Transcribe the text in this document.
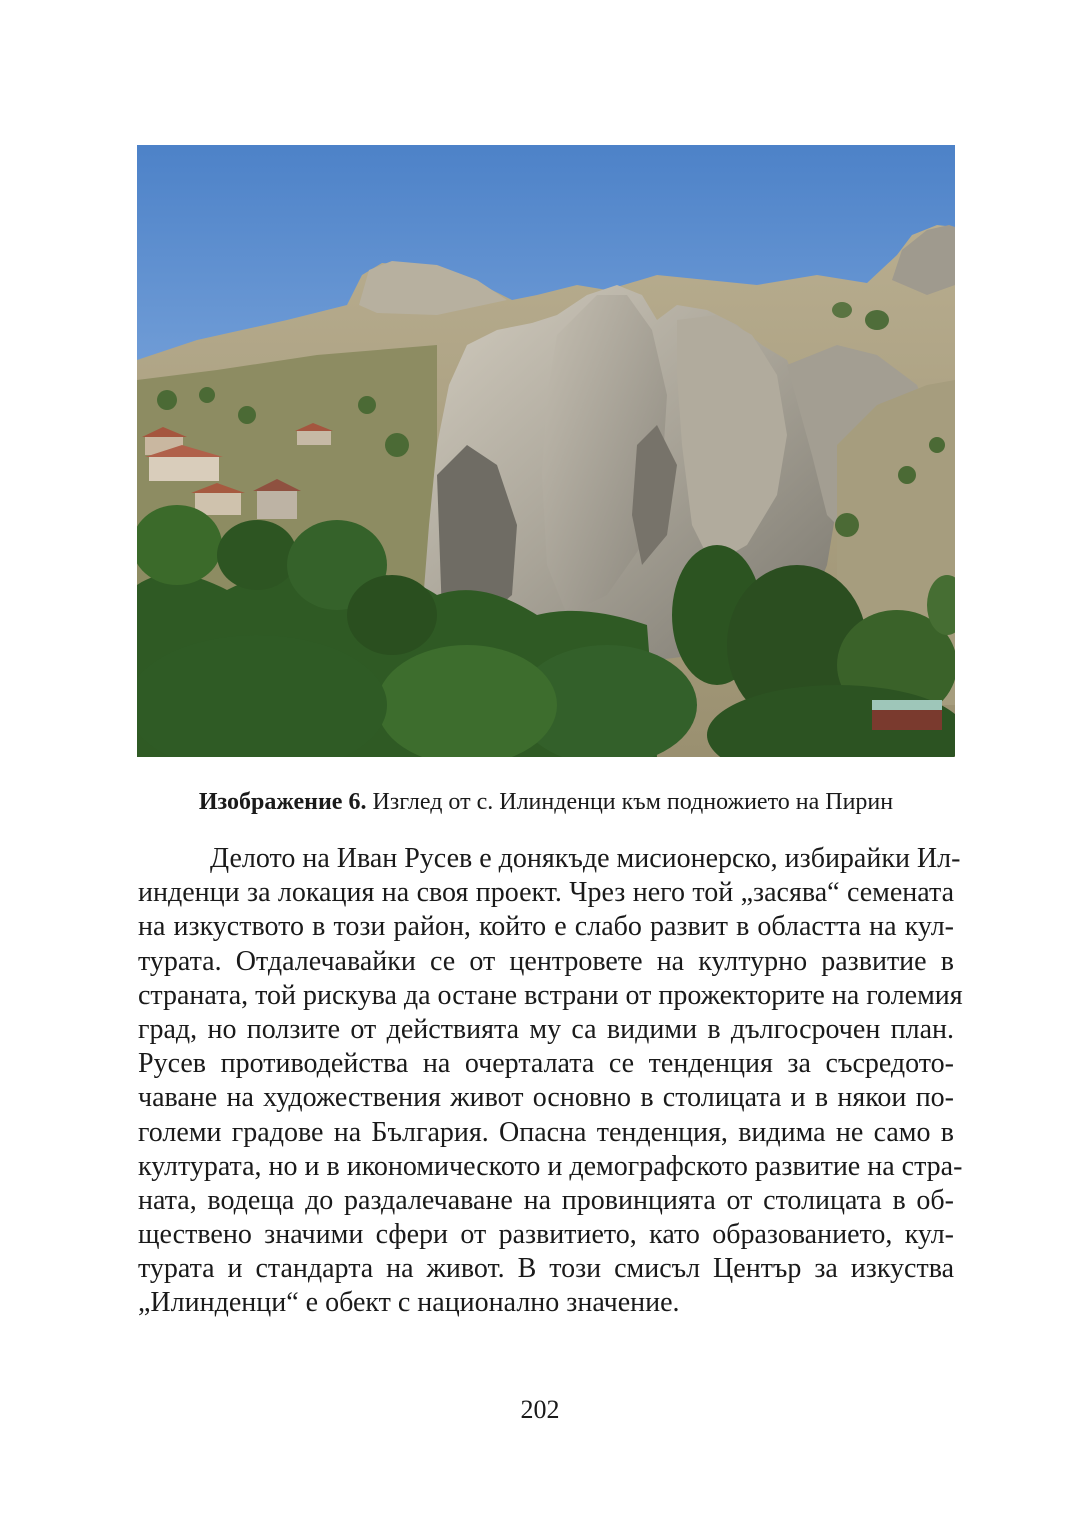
Изображение 6. Изглед от с. Илинденци към подножието на Пирин
Делото на Иван Русев е донякъде мисионерско, избирайки Ил-
инденци за локация на своя проект. Чрез него той „засява“ семената
на изкуството в този район, който е слабо развит в областта на кул-
турата. Отдалечавайки се от центровете на културно развитие в
страната, той рискува да остане встрани от прожекторите на големия
град, но ползите от действията му са видими в дългосрочен план.
Русев противодейства на очерталата се тенденция за съсредото-
чаване на художествения живот основно в столицата и в някои по-
големи градове на България. Опасна тенденция, видима не само в
културата, но и в икономическото и демографското развитие на стра-
ната, водеща до раздалечаване на провинцията от столицата в об-
ществено значими сфери от развитието, като образованието, кул-
турата и стандарта на живот. В този смисъл Център за изкуства
„Илинденци“ е обект с национално значение.
202
